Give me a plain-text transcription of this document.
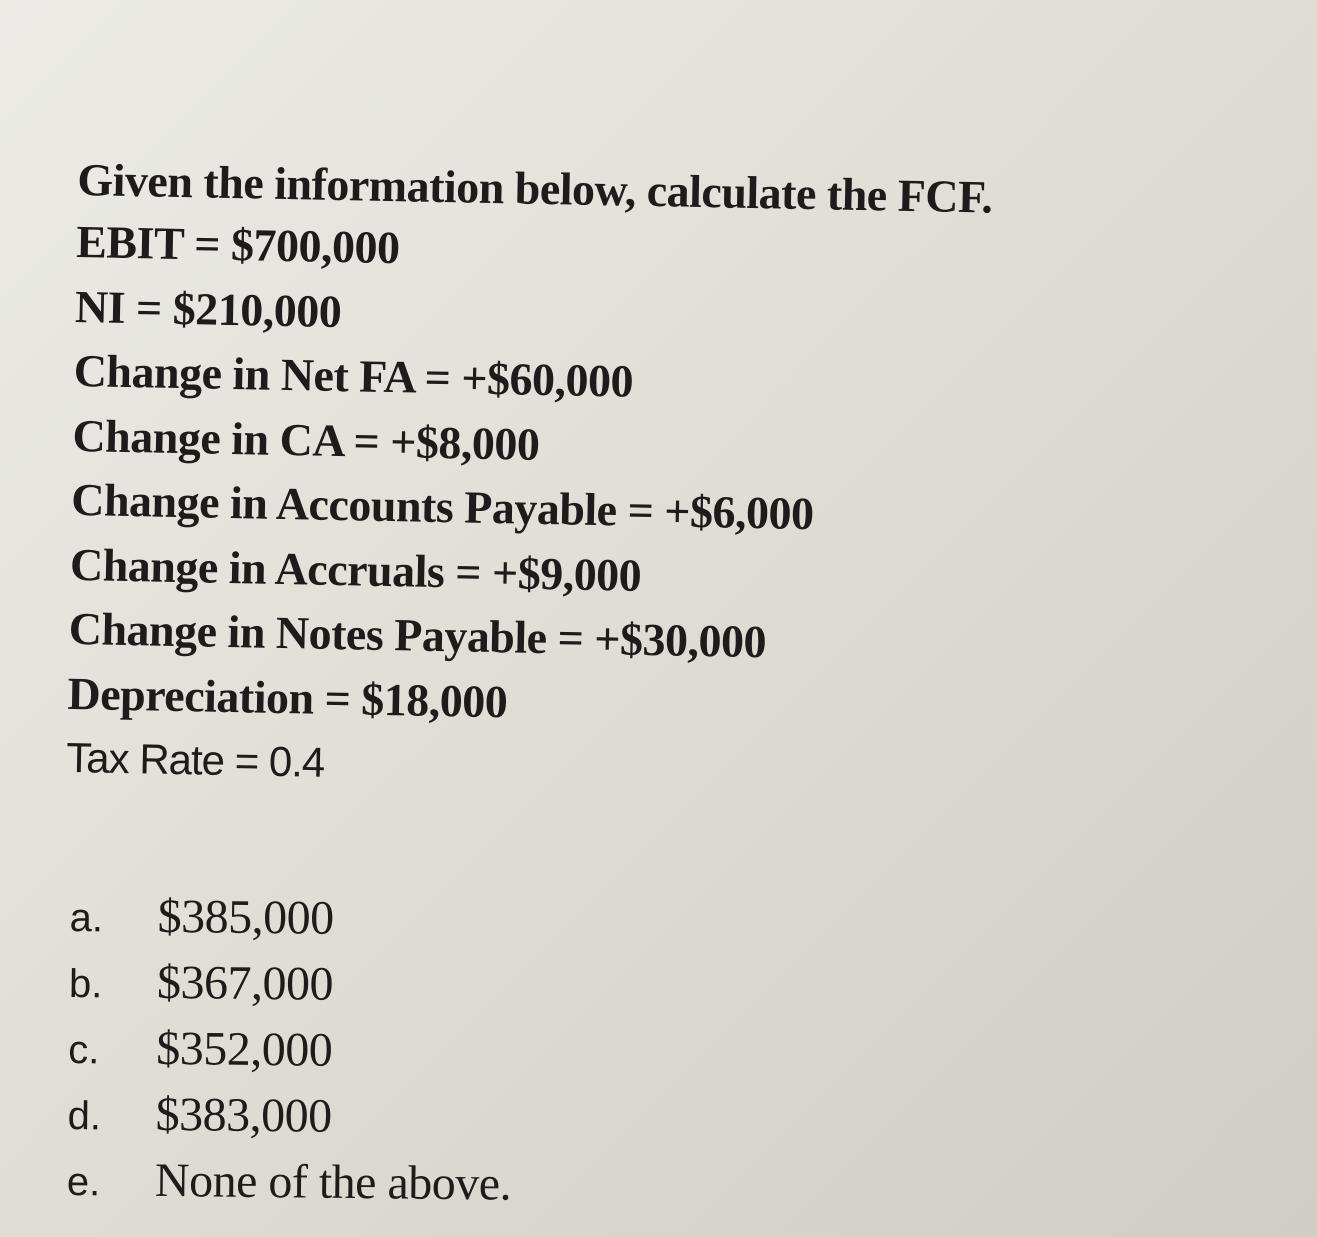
Given the information below, calculate the FCF.

EBIT = $700,000
NI = $210,000
Change in Net FA = +$60,000
Change in CA = +$8,000
Change in Accounts Payable = +$6,000
Change in Accruals = +$9,000
Change in Notes Payable = +$30,000
Depreciation = $18,000
Tax Rate = 0.4
a.	$385,000
b.	$367,000
c.	$352,000
d.	$383,000
e.	None of the above.
